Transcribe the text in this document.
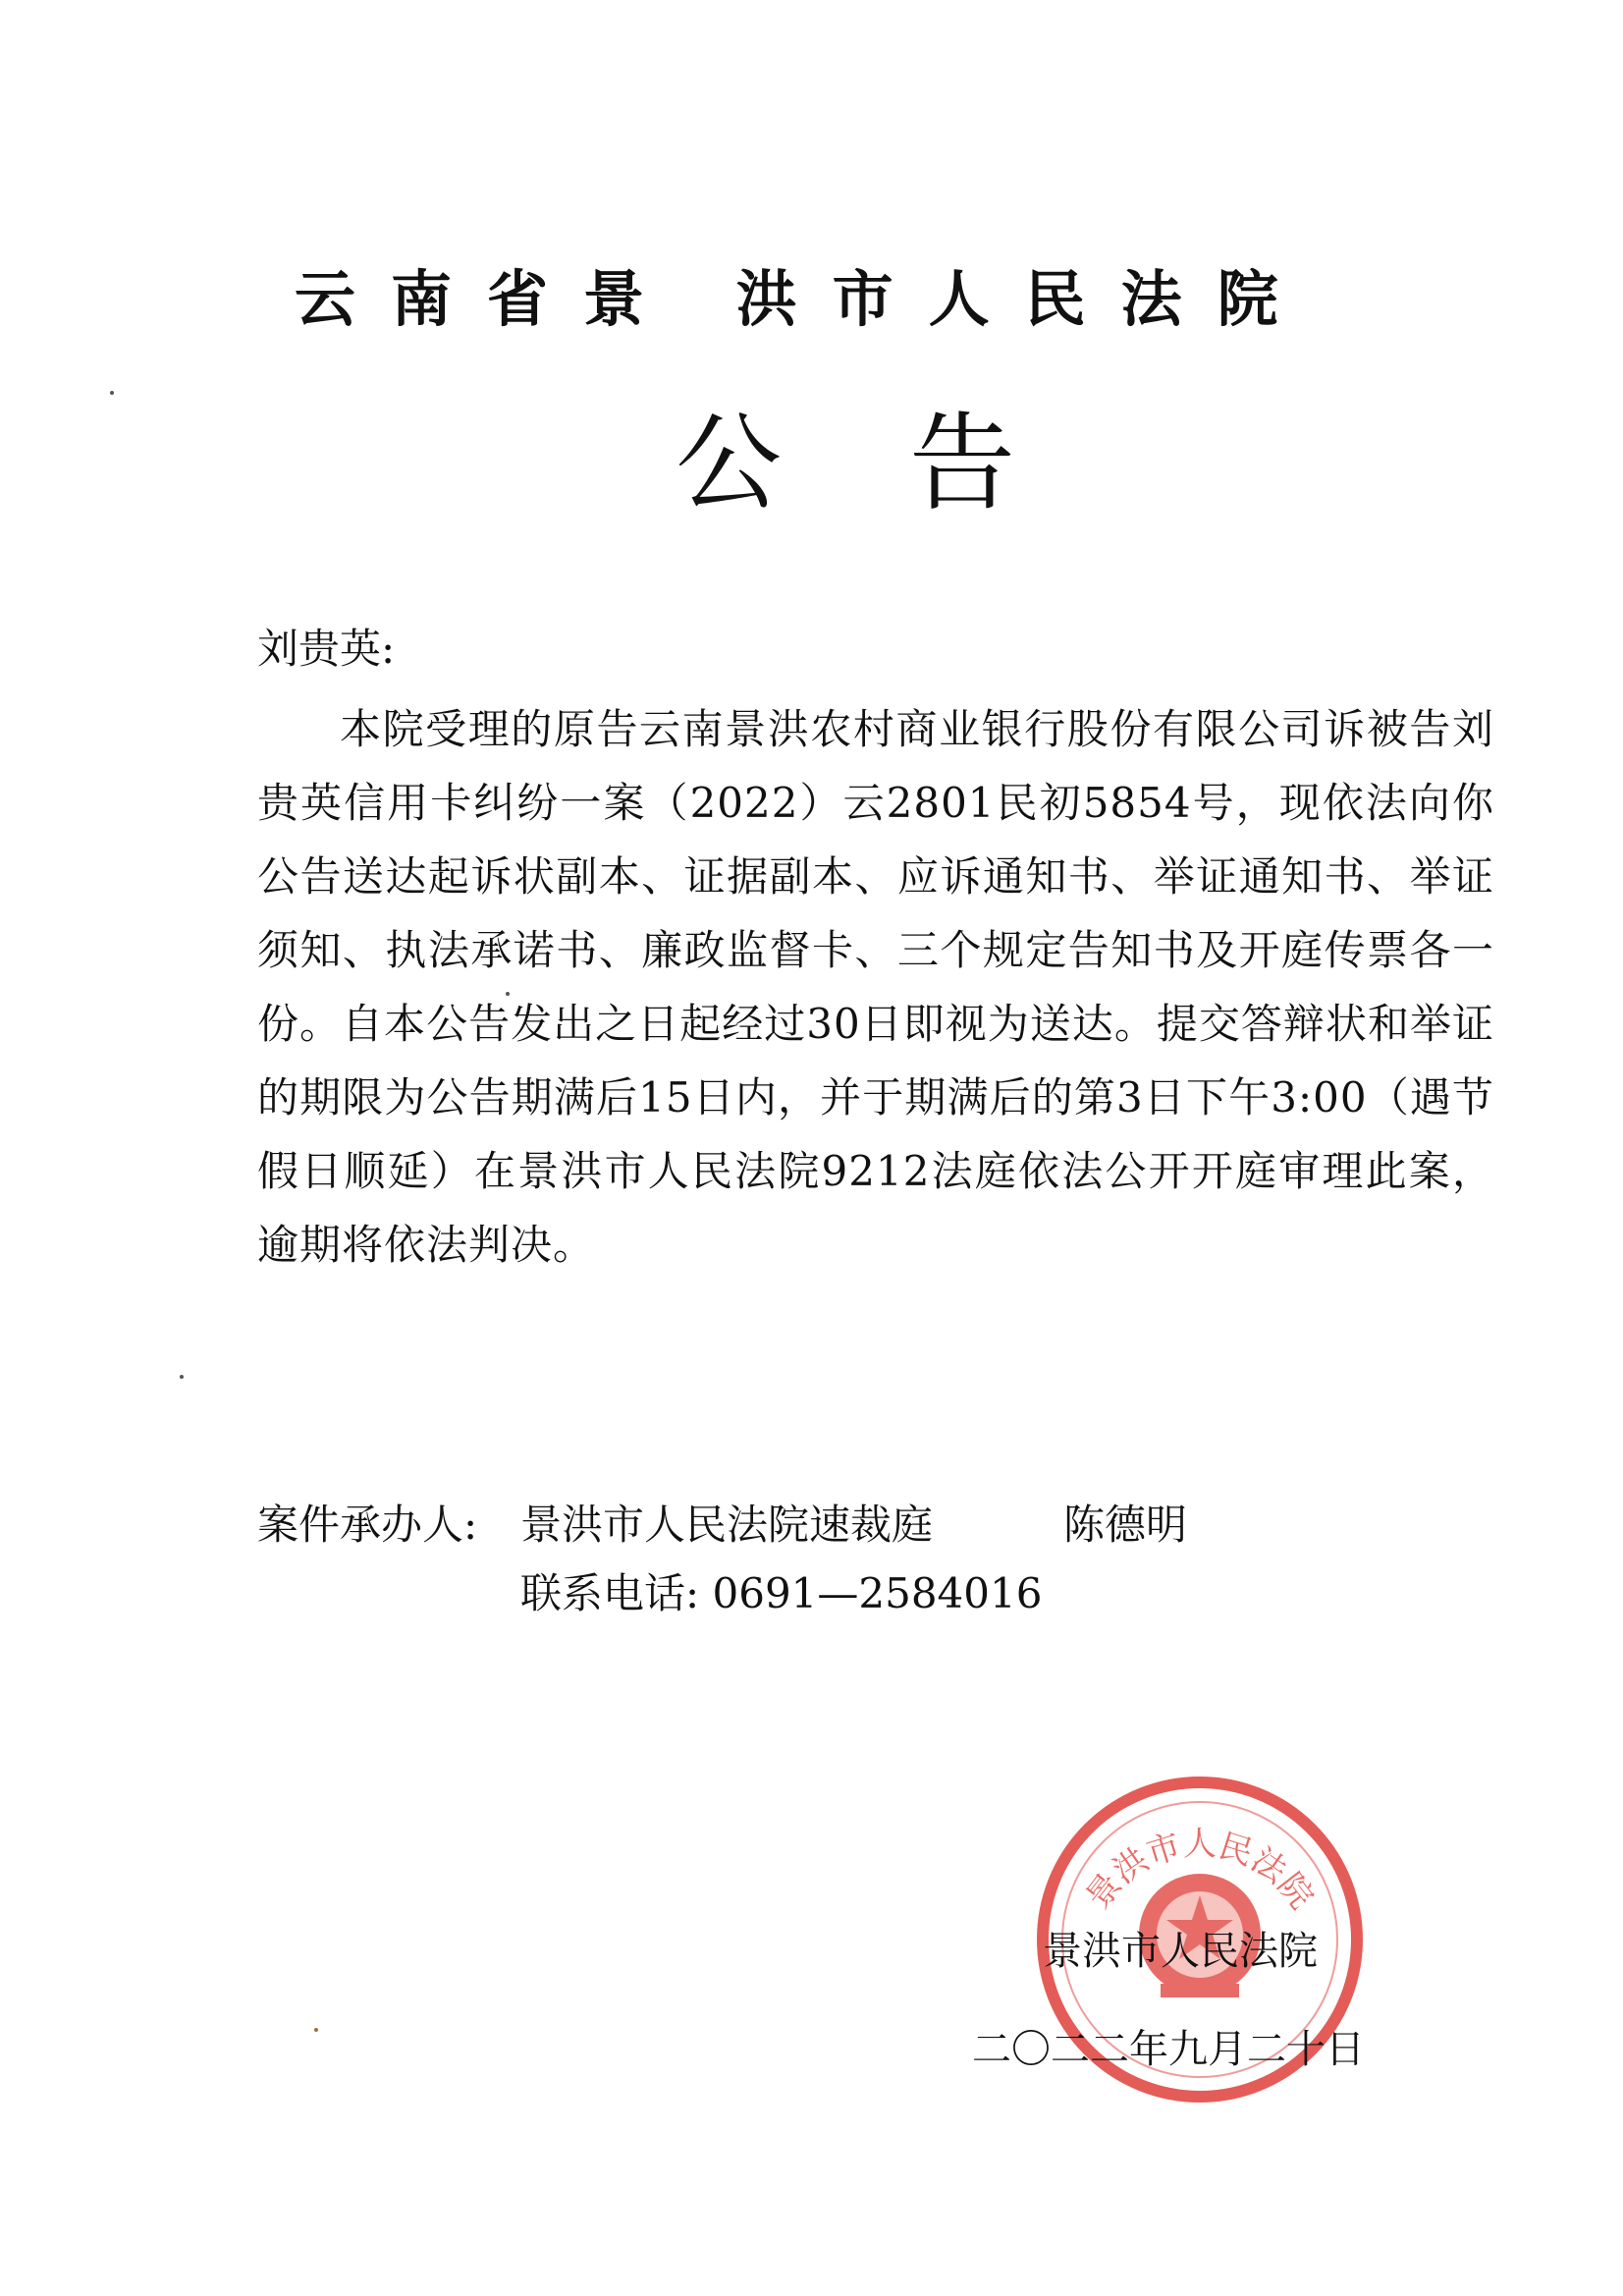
云南省景 洪市人民法院
公告
刘贵英:
本院受理的原告云南景洪农村商业银行股份有限公司诉被告刘贵英信用卡纠纷一案（2022）云2801民初5854号，现依法向你公告送达起诉状副本、证据副本、应诉通知书、举证通知书、举证须知、执法承诺书、廉政监督卡、三个规定告知书及开庭传票各一份。自本公告发出之日起经过30日即视为送达。提交答辩状和举证的期限为公告期满后15日内，并于期满后的第3日下午3:00（遇节假日顺延）在景洪市人民法院9212法庭依法公开开庭审理此案，逾期将依法判决。
案件承办人: 景洪市人民法院速裁庭	陈德明
联系电话: 0691—2584016
景洪市人民法院
景洪市人民法院
二〇二二年九月二十日
